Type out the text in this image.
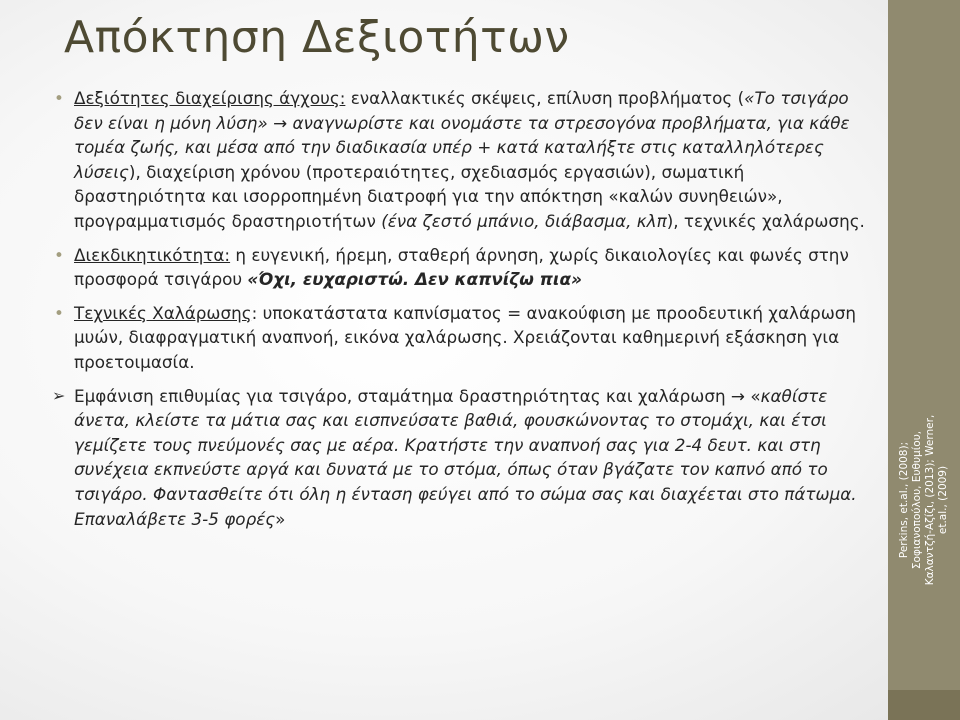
Απόκτηση Δεξιοτήτων
• Δεξιότητες διαχείρισης άγχους: εναλλακτικές σκέψεις, επίλυση προβλήματος («Το τσιγάρο δεν είναι η μόνη λύση» → αναγνωρίστε και ονομάστε τα στρεσογόνα προβλήματα, για κάθε τομέα ζωής, και μέσα από την διαδικασία υπέρ + κατά καταλήξτε στις καταλληλότερες λύσεις), διαχείριση χρόνου (προτεραιότητες, σχεδιασμός εργασιών), σωματική δραστηριότητα και ισορροπημένη διατροφή για την απόκτηση «καλών συνηθειών», προγραμματισμός δραστηριοτήτων (ένα ζεστό μπάνιο, διάβασμα, κλπ), τεχνικές χαλάρωσης.
• Διεκδικητικότητα: η ευγενική, ήρεμη, σταθερή άρνηση, χωρίς δικαιολογίες και φωνές στην προσφορά τσιγάρου «Όχι, ευχαριστώ. Δεν καπνίζω πια»
• Τεχνικές Χαλάρωσης: υποκατάστατα καπνίσματος = ανακούφιση με προοδευτική χαλάρωση μυών, διαφραγματική αναπνοή, εικόνα χαλάρωσης. Χρειάζονται καθημερινή εξάσκηση για προετοιμασία.
➢ Εμφάνιση επιθυμίας για τσιγάρο, σταμάτημα δραστηριότητας και χαλάρωση → «καθίστε άνετα, κλείστε τα μάτια σας και εισπνεύσατε βαθιά, φουσκώνοντας το στομάχι, και έτσι γεμίζετε τους πνεύμονές σας με αέρα. Κρατήστε την αναπνοή σας για 2-4 δευτ. και στη συνέχεια εκπνεύστε αργά και δυνατά με το στόμα, όπως όταν βγάζατε τον καπνό από το τσιγάρο. Φαντασθείτε ότι όλη η ένταση φεύγει από το σώμα σας και διαχέεται στο πάτωμα. Επαναλάβετε 3-5 φορές»	Perkins, et.al., (2008); Σοφιανοπούλου, Ευθυμίου, Καλαντζή-Αζίζι, (2013); Werner, et.al., (2009)
